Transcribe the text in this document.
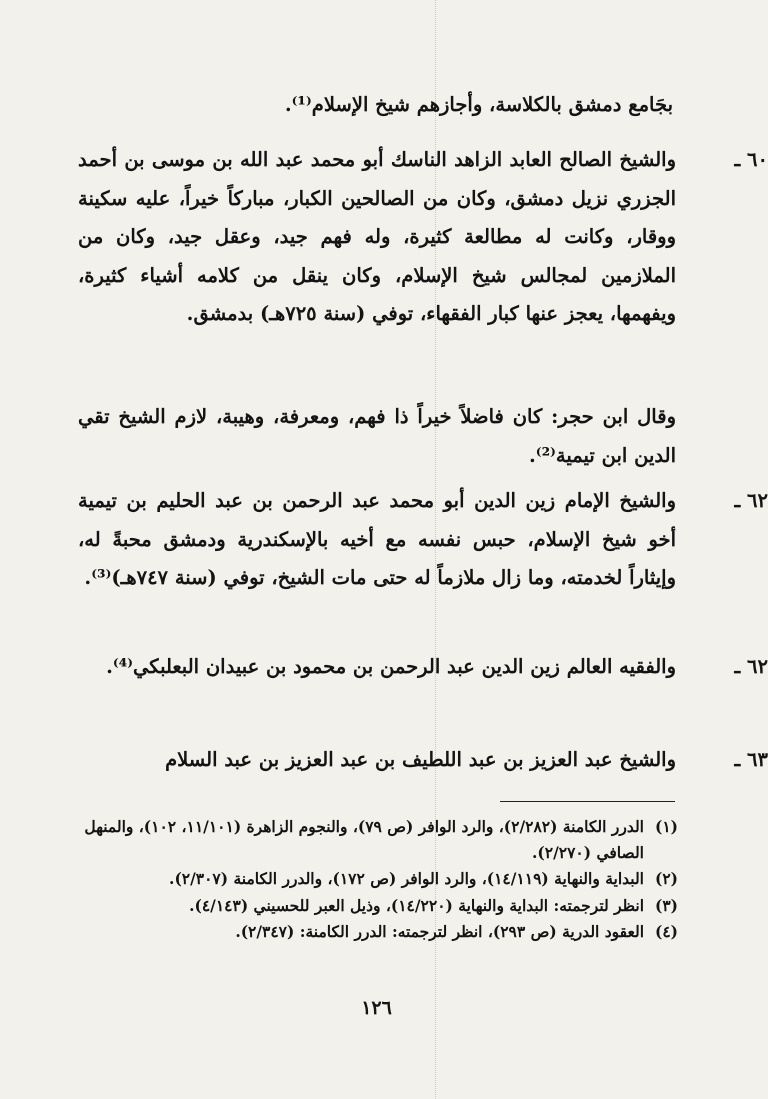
بجَامع دمشق بالكلاسة، وأجازهم شيخ الإسلام⁽¹⁾.
٦٠ ـ
والشيخ الصالح العابد الزاهد الناسك أبو محمد عبد الله بن موسى بن أحمد الجزري نزيل دمشق، وكان من الصالحين الكبار، مباركاً خيراً، عليه سكينة ووقار، وكانت له مطالعة كثيرة، وله فهم جيد، وعقل جيد، وكان من الملازمين لمجالس شيخ الإسلام، وكان ينقل من كلامه أشياء كثيرة، ويفهمها، يعجز عنها كبار الفقهاء، توفي (سنة ٧٢٥هـ) بدمشق.
وقال ابن حجر: كان فاضلاً خيراً ذا فهم، ومعرفة، وهيبة، لازم الشيخ تقي الدين ابن تيمية⁽²⁾.
٦٢ ـ
والشيخ الإمام زين الدين أبو محمد عبد الرحمن بن عبد الحليم بن تيمية أخو شيخ الإسلام، حبس نفسه مع أخيه بالإسكندرية ودمشق محبةً له، وإيثاراً لخدمته، وما زال ملازماً له حتى مات الشيخ، توفي (سنة ٧٤٧هـ)⁽³⁾.
٦٢ ـ
والفقيه العالم زين الدين عبد الرحمن بن محمود بن عبيدان البعلبكي⁽⁴⁾.
٦٣ ـ
والشيخ عبد العزيز بن عبد اللطيف بن عبد العزيز بن عبد السلام
(١)
الدرر الكامنة (٢/٢٨٢)، والرد الوافر (ص ٧٩)، والنجوم الزاهرة (١١/١٠١، ١٠٢)، والمنهل الصافي (٢/٢٧٠).
(٢)
البداية والنهاية (١٤/١١٩)، والرد الوافر (ص ١٧٢)، والدرر الكامنة (٢/٣٠٧).
(٣)
انظر لترجمته: البداية والنهاية (١٤/٢٢٠)، وذيل العبر للحسيني (٤/١٤٣).
(٤)
العقود الدرية (ص ٢٩٣)، انظر لترجمته: الدرر الكامنة: (٢/٣٤٧).
١٢٦
